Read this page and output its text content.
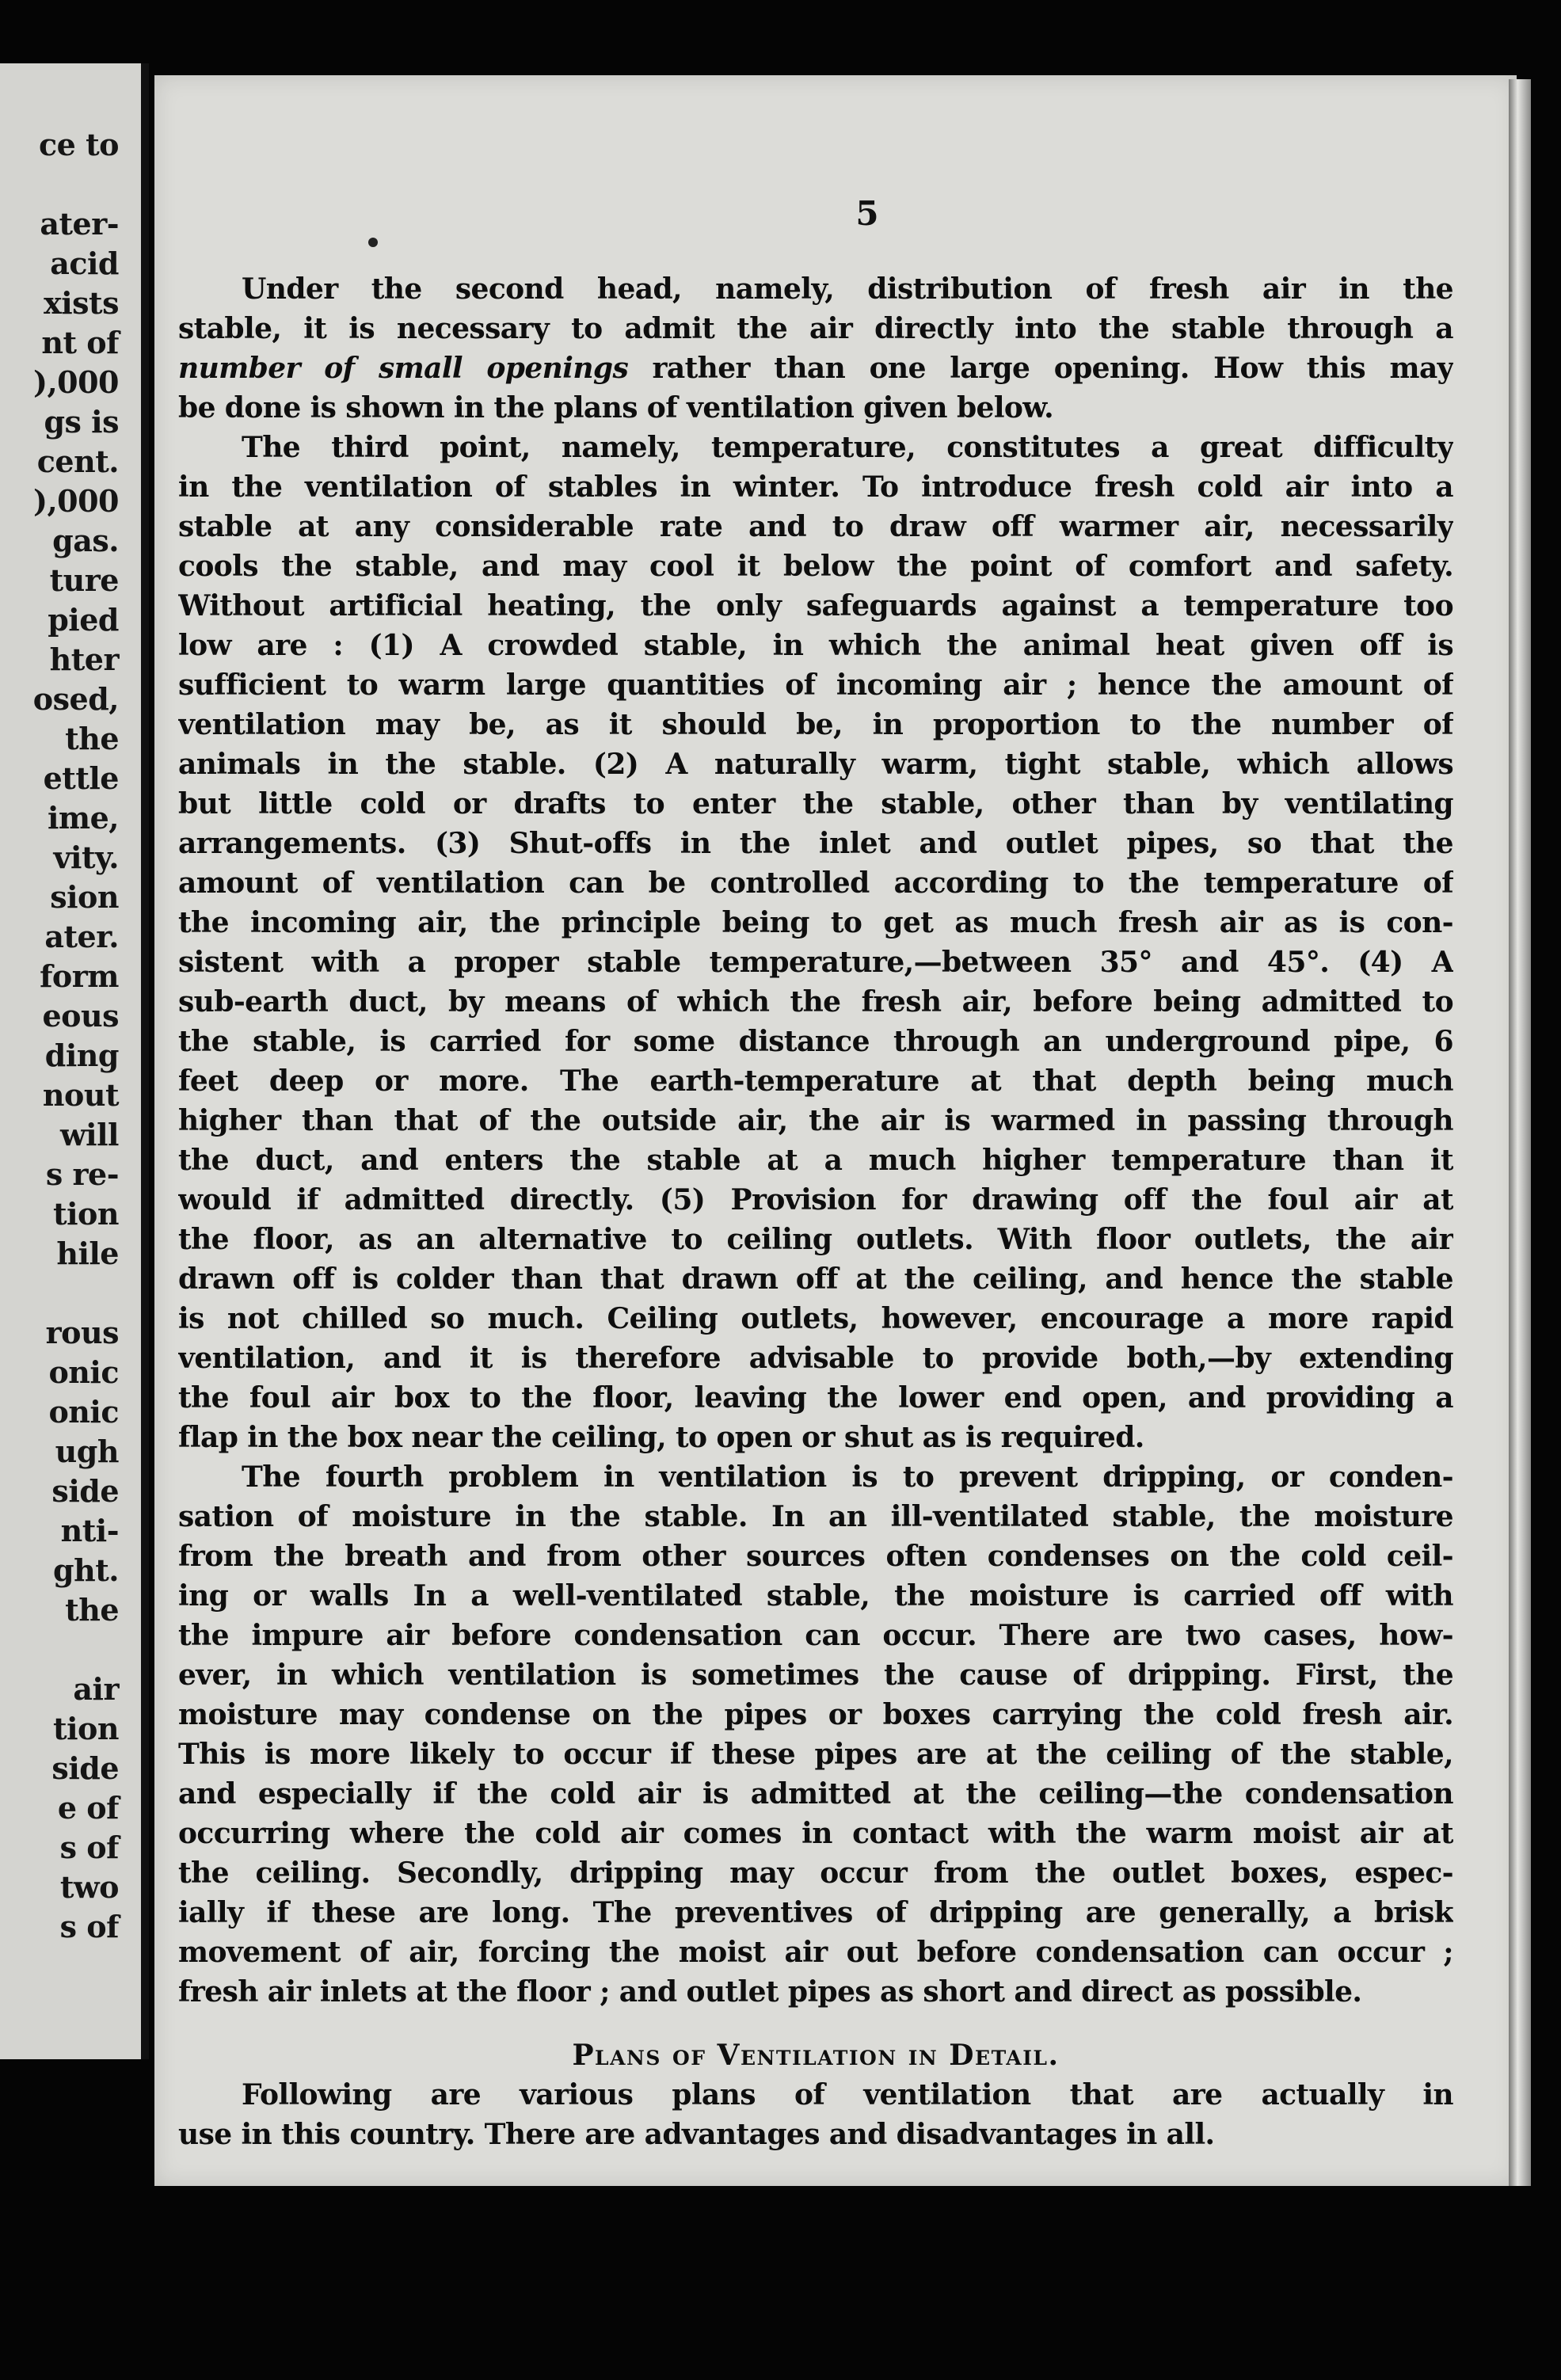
ce to
ater-
acid
xists
nt of
),000
gs is
cent.
),000
gas.
ture
pied
hter
osed,
the
ettle
ime,
vity.
sion
ater.
form
eous
ding
nout
will
s re-
tion
hile
rous
onic
onic
ugh
side
nti-
ght.
the
air
tion
side
e of
s of
two
s of
5
Under the second head, namely, distribution of fresh air in the
stable, it is necessary to admit the air directly into the stable through a
number of small openings rather than one large opening. How this may
be done is shown in the plans of ventilation given below.
The third point, namely, temperature, constitutes a great difficulty
in the ventilation of stables in winter. To introduce fresh cold air into a
stable at any considerable rate and to draw off warmer air, necessarily
cools the stable, and may cool it below the point of comfort and safety.
Without artificial heating, the only safeguards against a temperature too
low are : (1) A crowded stable, in which the animal heat given off is
sufficient to warm large quantities of incoming air ; hence the amount of
ventilation may be, as it should be, in proportion to the number of
animals in the stable. (2) A naturally warm, tight stable, which allows
but little cold or drafts to enter the stable, other than by ventilating
arrangements. (3) Shut-offs in the inlet and outlet pipes, so that the
amount of ventilation can be controlled according to the temperature of
the incoming air, the principle being to get as much fresh air as is con-
sistent with a proper stable temperature,—between 35° and 45°. (4) A
sub-earth duct, by means of which the fresh air, before being admitted to
the stable, is carried for some distance through an underground pipe, 6
feet deep or more. The earth-temperature at that depth being much
higher than that of the outside air, the air is warmed in passing through
the duct, and enters the stable at a much higher temperature than it
would if admitted directly. (5) Provision for drawing off the foul air at
the floor, as an alternative to ceiling outlets. With floor outlets, the air
drawn off is colder than that drawn off at the ceiling, and hence the stable
is not chilled so much. Ceiling outlets, however, encourage a more rapid
ventilation, and it is therefore advisable to provide both,—by extending
the foul air box to the floor, leaving the lower end open, and providing a
flap in the box near the ceiling, to open or shut as is required.
The fourth problem in ventilation is to prevent dripping, or conden-
sation of moisture in the stable. In an ill-ventilated stable, the moisture
from the breath and from other sources often condenses on the cold ceil-
ing or walls In a well-ventilated stable, the moisture is carried off with
the impure air before condensation can occur. There are two cases, how-
ever, in which ventilation is sometimes the cause of dripping. First, the
moisture may condense on the pipes or boxes carrying the cold fresh air.
This is more likely to occur if these pipes are at the ceiling of the stable,
and especially if the cold air is admitted at the ceiling—the condensation
occurring where the cold air comes in contact with the warm moist air at
the ceiling. Secondly, dripping may occur from the outlet boxes, espec-
ially if these are long. The preventives of dripping are generally, a brisk
movement of air, forcing the moist air out before condensation can occur ;
fresh air inlets at the floor ; and outlet pipes as short and direct as possible.
Plans of Ventilation in Detail.
Following are various plans of ventilation that are actually in
use in this country. There are advantages and disadvantages in all.
